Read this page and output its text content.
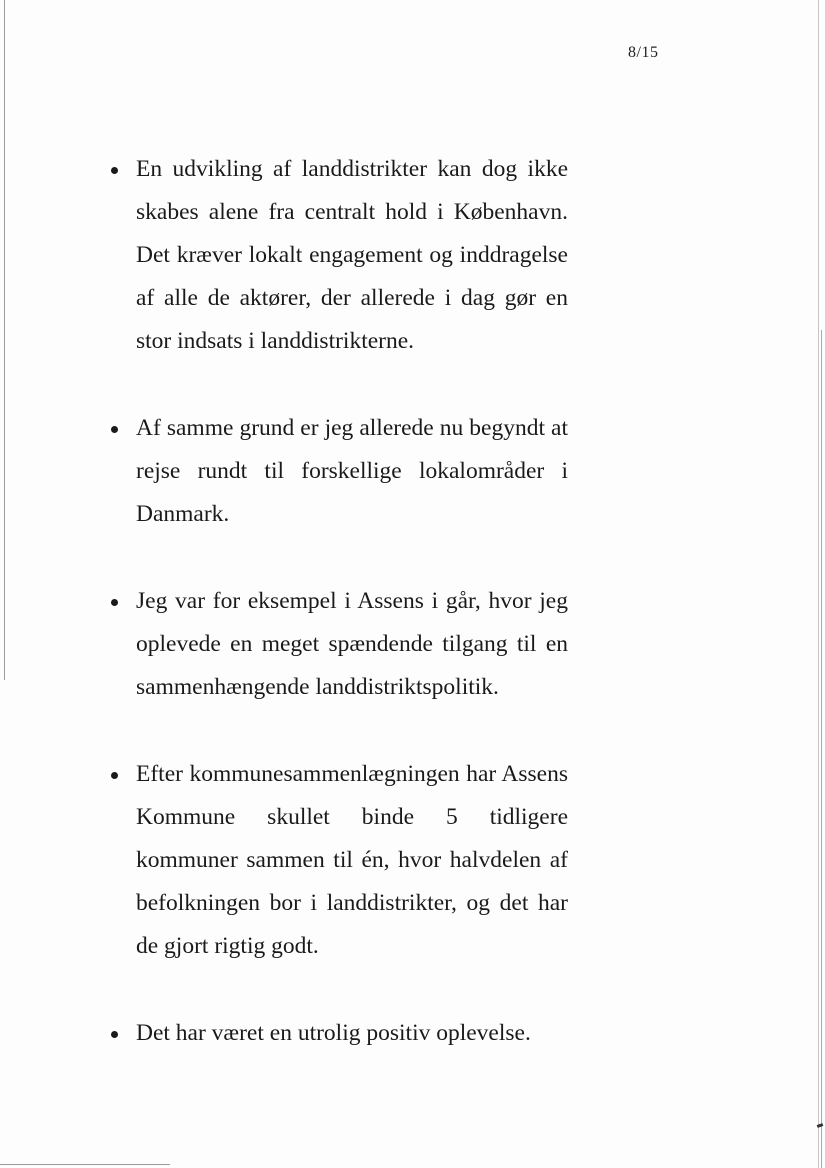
8/15
En udvikling af landdistrikter kan dog ikke skabes alene fra centralt hold i København. Det kræver lokalt engagement og inddragelse af alle de aktører, der allerede i dag gør en stor indsats i landdistrikterne.
Af samme grund er jeg allerede nu begyndt at rejse rundt til forskellige lokalområder i Danmark.
Jeg var for eksempel i Assens i går, hvor jeg oplevede en meget spændende tilgang til en sammenhængende landdistriktspolitik.
Efter kommunesammenlægningen har Assens Kommune skullet binde 5 tidligere kommuner sammen til én, hvor halvdelen af befolkningen bor i landdistrikter, og det har de gjort rigtig godt.
Det har været en utrolig positiv oplevelse.
